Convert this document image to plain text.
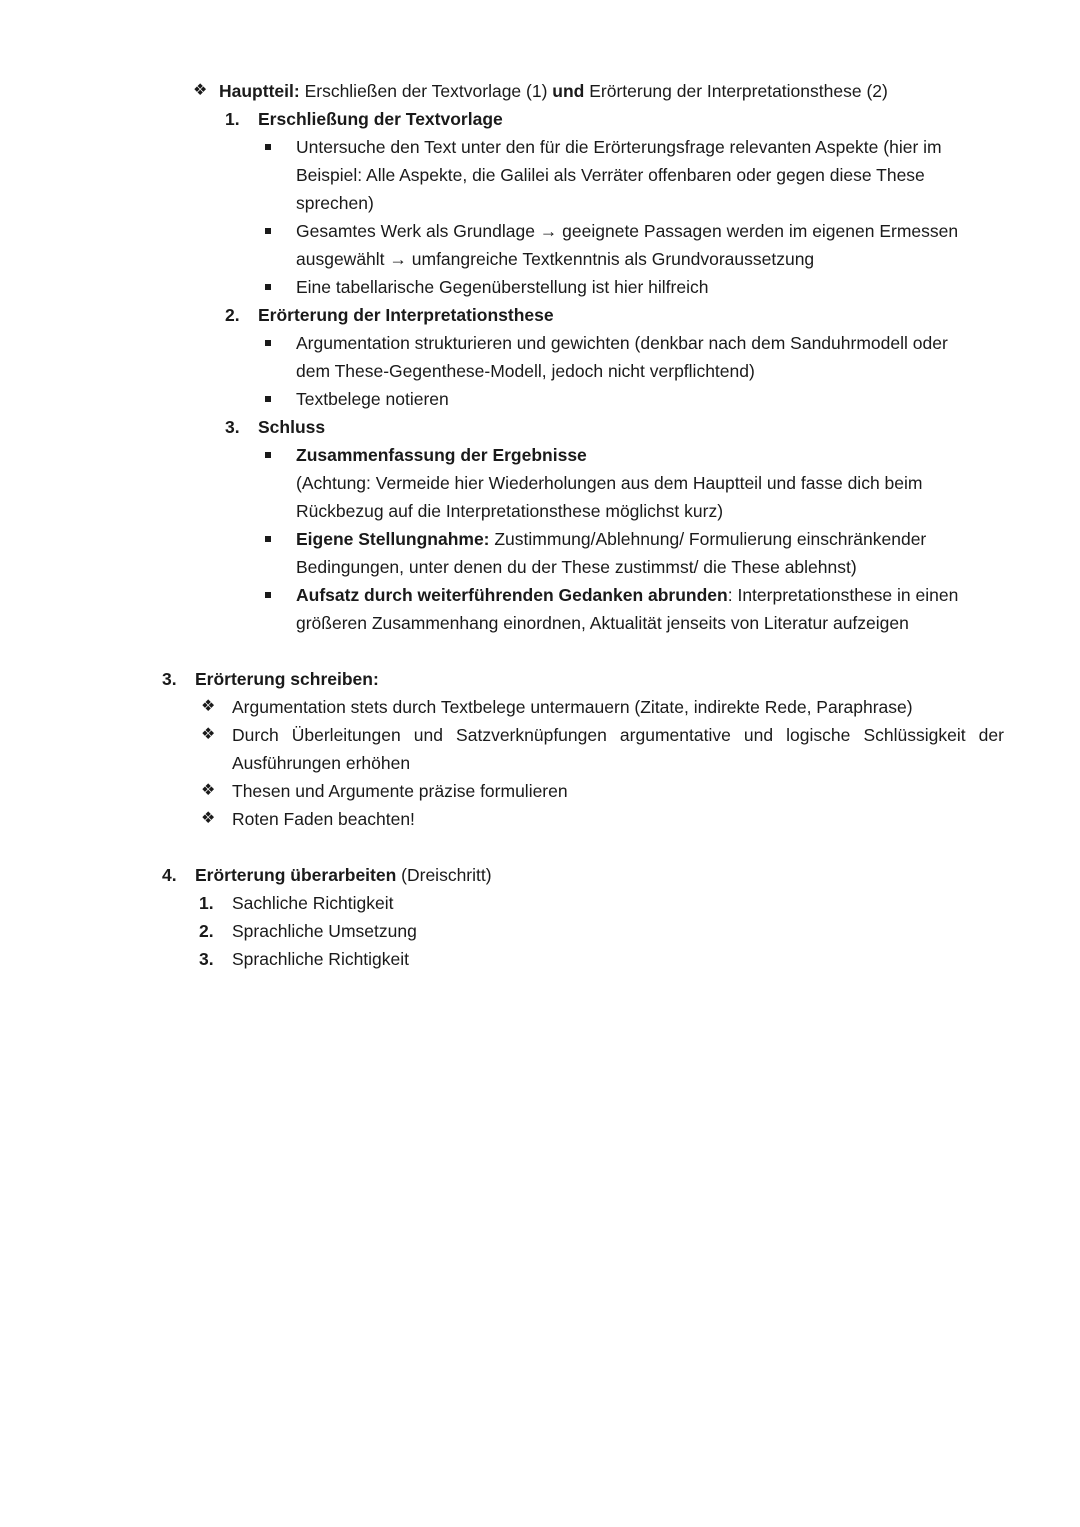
❖ Hauptteil: Erschließen der Textvorlage (1) und Erörterung der Interpretationsthese (2)
1. Erschließung der Textvorlage
Untersuche den Text unter den für die Erörterungsfrage relevanten Aspekte (hier im
Beispiel: Alle Aspekte, die Galilei als Verräter offenbaren oder gegen diese These
sprechen)
Gesamtes Werk als Grundlage → geeignete Passagen werden im eigenen Ermessen
ausgewählt → umfangreiche Textkenntnis als Grundvoraussetzung
Eine tabellarische Gegenüberstellung ist hier hilfreich
2. Erörterung der Interpretationsthese
Argumentation strukturieren und gewichten (denkbar nach dem Sanduhrmodell oder
dem These-Gegenthese-Modell, jedoch nicht verpflichtend)
Textbelege notieren
3. Schluss
Zusammenfassung der Ergebnisse
(Achtung: Vermeide hier Wiederholungen aus dem Hauptteil und fasse dich beim
Rückbezug auf die Interpretationsthese möglichst kurz)
Eigene Stellungnahme: Zustimmung/Ablehnung/ Formulierung einschränkender
Bedingungen, unter denen du der These zustimmst/ die These ablehnst)
Aufsatz durch weiterführenden Gedanken abrunden: Interpretationsthese in einen
größeren Zusammenhang einordnen, Aktualität jenseits von Literatur aufzeigen
3. Erörterung schreiben:
❖ Argumentation stets durch Textbelege untermauern (Zitate, indirekte Rede, Paraphrase)
❖ Durch Überleitungen und Satzverknüpfungen argumentative und logische Schlüssigkeit der
Ausführungen erhöhen
❖ Thesen und Argumente präzise formulieren
❖ Roten Faden beachten!
4. Erörterung überarbeiten (Dreischritt)
1. Sachliche Richtigkeit
2. Sprachliche Umsetzung
3. Sprachliche Richtigkeit
